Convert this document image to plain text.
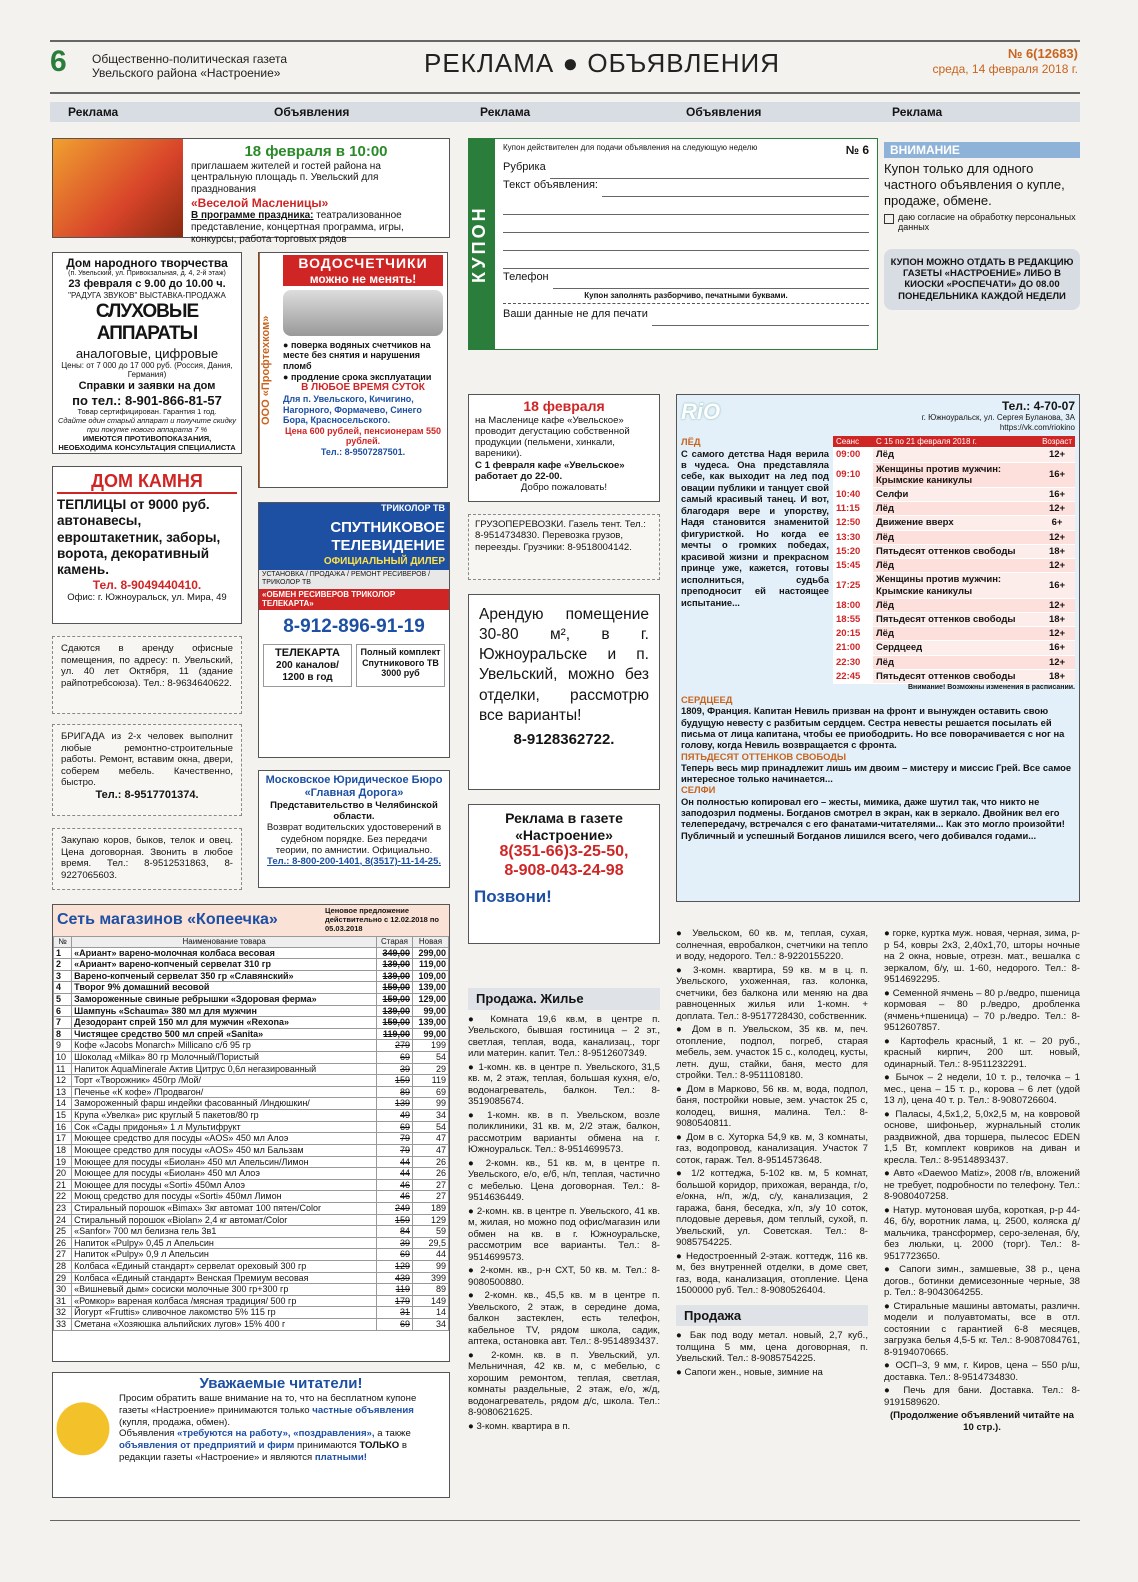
6 Общественно-политическая газета
Увельского района «Настроение»	РЕКЛАМА ● ОБЪЯВЛЕНИЯ	№ 6(12683)
среда, 14 февраля 2018 г.
Реклама	Объявления	Реклама	Объявления	Реклама
18 февраля в 10:00
приглашаем жителей и гостей района на центральную площадь п. Увельский для празднования
«Веселой Масленицы»
В программе праздника: театрализованное представление, концертная программа, игры, конкурсы, работа торговых рядов
Дом народного творчества
(п. Увельский, ул. Привокзальная, д. 4, 2-й этаж)
23 февраля с 9.00 до 10.00 ч.
"РАДУГА ЗВУКОВ" ВЫСТАВКА-ПРОДАЖА
СЛУХОВЫЕ АППАРАТЫ
аналоговые, цифровые
Цены: от 7 000 до 17 000 руб. (Россия, Дания, Германия)
Справки и заявки на дом
по тел.: 8-901-866-81-57
Товар сертифицирован. Гарантия 1 год.
Сдайте один старый аппарат и получите скидку при покупке нового аппарата 7 %
ИМЕЮТСЯ ПРОТИВОПОКАЗАНИЯ, НЕОБХОДИМА КОНСУЛЬТАЦИЯ СПЕЦИАЛИСТА
ООО «Профтехком»
ВОДОСЧЕТЧИКИ
можно не менять!
● поверка водяных счетчиков на месте без снятия и нарушения пломб
● продление срока эксплуатации
В ЛЮБОЕ ВРЕМЯ СУТОК
Для п. Увельского, Кичигино, Нагорного, Формачево, Синего Бора, Красносельского.
Цена 600 рублей, пенсионерам 550 рублей.
Тел.: 8-9507287501.
ДОМ КАМНЯ
ТЕПЛИЦЫ от 9000 руб. автонавесы, евроштакетник, заборы, ворота, декоративный камень.
Тел. 8-9049440410.
Офис: г. Южноуральск, ул. Мира, 49
Сдаются в аренду офисные помещения, по адресу: п. Увельский, ул. 40 лет Октября, 11 (здание райпотребсоюза). Тел.: 8-9634640622.
БРИГАДА из 2-х человек выполнит любые ремонтно-строительные работы. Ремонт, вставим окна, двери, соберем мебель. Качественно, быстро.
Тел.: 8-9517701374.
Закупаю коров, быков, телок и овец. Цена договорная. Звонить в любое время. Тел.: 8-9512531863, 8-9227065603.
ТРИКОЛОР ТВ
СПУТНИКОВОЕ ТЕЛЕВИДЕНИЕ
ОФИЦИАЛЬНЫЙ ДИЛЕР
УСТАНОВКА / ПРОДАЖА / РЕМОНТ РЕСИВЕРОВ / ТРИКОЛОР ТВ
«ОБМЕН РЕСИВЕРОВ ТРИКОЛОР ТЕЛЕКАРТА»
8-912-896-91-19
ТЕЛЕКАРТА
200 каналов/ 1200 в год
Полный комплект Спутникового ТВ 3000 руб
Московское Юридическое Бюро «Главная Дорога»
Представительство в Челябинской области.
Возврат водительских удостоверений в судебном порядке. Без передачи теории, по амнистии. Официально.
Тел.: 8-800-200-1401, 8(3517)-11-14-25.
Сеть магазинов «Копеечка»
Ценовое предложение действительно с 12.02.2018 по 05.03.2018
№	Наименование товара	Старая	Новая
1	«Ариант» варено-молочная колбаса весовая	349,00	299,00
2	«Ариант» варено-копченый сервелат 310 гр	139,00	119,00
3	Варено-копченый сервелат 350 гр «Славянский»	139,00	109,00
4	Творог 9% домашний весовой	159,00	139,00
5	Замороженные свиные ребрышки «Здоровая ферма»	159,00	129,00
6	Шампунь «Schauma» 380 мл для мужчин	139,00	99,00
7	Дезодорант спрей 150 мл для мужчин «Rexona»	159,00	139,00
8	Чистящее средство 500 мл спрей «Sanita»	119,00	99,00
9	Кофе «Jacobs Monarch» Millicano с/б 95 гр	279	199
10	Шоколад «Milka» 80 гр Молочный/Пористый	69	54
11	Напиток AquaMinerale Актив Цитрус 0,6л негазированный	39	29
12	Торт «Творожник» 450гр /Мой/	159	119
13	Печенье «К кофе» /Продвагон/	89	69
14	Замороженный фарш индейки фасованный /Индюшкин/	139	99
15	Крупа «Увелка» рис круглый 5 пакетов/80 гр	49	34
16	Сок «Сады придонья» 1 л Мультифрукт	69	54
17	Моющее средство для посуды «AOS» 450 мл Алоэ	79	47
18	Моющее средство для посуды «AOS» 450 мл Бальзам	79	47
19	Моющее для посуды «Биолан» 450 мл Апельсин/Лимон	44	26
20	Моющее для посуды «Биолан» 450 мл Алоэ	44	26
21	Моющее для посуды «Sorti» 450мл Алоэ	46	27
22	Моющ средство для посуды «Sorti» 450мл Лимон	46	27
23	Стиральный порошок «Bimax» 3кг автомат 100 пятен/Color	249	189
24	Стиральный порошок «Biolan» 2,4 кг автомат/Color	159	129
25	«Sanfor» 700 мл белизна гель 3в1	84	59
26	Напиток «Pulpy» 0,45 л Апельсин	39	29,5
27	Напиток «Pulpy» 0,9 л Апельсин	69	44
28	Колбаса «Единый стандарт» сервелат ореховый 300 гр	129	99
29	Колбаса «Единый стандарт» Венская Премиум весовая	439	399
30	«Вишневый дым» сосиски молочные 300 гр+300 гр	119	89
31	«Ромкор» вареная колбаса /мясная традиция/ 500 гр	179	149
32	Йогурт «Fruttis» сливочное лакомство 5% 115 гр	31	14
33	Сметана «Хозяюшка альпийских лугов» 15% 400 г	69	34
Уважаемые читатели!
Просим обратить ваше внимание на то, что на бесплатном купоне газеты «Настроение» принимаются только частные объявления (купля, продажа, обмен).
Объявления «требуются на работу», «поздравления», а также объявления от предприятий и фирм принимаются ТОЛЬКО в редакции газеты «Настроение» и являются платными!
КУПОН
Купон действителен для подачи объявления на следующую неделю	№ 6
Рубрика
Текст объявления:
Телефон
Купон заполнять разборчиво, печатными буквами.
Ваши данные не для печати
ВНИМАНИЕ
Купон только для одного частного объявления о купле, продаже, обмене.
даю согласие на обработку персональных данных
КУПОН МОЖНО ОТДАТЬ В РЕДАКЦИЮ ГАЗЕТЫ «НАСТРОЕНИЕ» ЛИБО В КИОСКИ «РОСПЕЧАТИ» ДО 08.00 ПОНЕДЕЛЬНИКА КАЖДОЙ НЕДЕЛИ
18 февраля
на Масленице кафе «Увельское» проводит дегустацию собственной продукции (пельмени, хинкали, вареники).
С 1 февраля кафе «Увельское» работает до 22-00.
Добро пожаловать!
ГРУЗОПЕРЕВОЗКИ. Газель тент. Тел.: 8-9514734830. Перевозка грузов, переезды. Грузчики: 8-9518004142.
Арендую помещение 30-80 м², в г. Южноуральске и п. Увельский, можно без отделки, рассмотрю все варианты!
8-9128362722.
Реклама в газете «Настроение»
8(351-66)3-25-50,
8-908-043-24-98
Позвони!
RiO	Тел.: 4-70-07
г. Южноуральск, ул. Сергея Буланова, 3А
https://vk.com/riokino
ЛЁД
С самого детства Надя верила в чудеса. Она представляла себе, как выходит на лед под овации публики и танцует свой самый красивый танец. И вот, благодаря вере и упорству, Надя становится знаменитой фигуристкой. Но когда ее мечты о громких победах, красивой жизни и прекрасном принце уже, кажется, готовы исполниться, судьба преподносит ей настоящее испытание...
Сеанс	С 15 по 21 февраля 2018 г.	Возраст
09:00	Лёд	12+
09:10	Женщины против мужчин: Крымские каникулы	16+
10:40	Селфи	16+
11:15	Лёд	12+
12:50	Движение вверх	6+
13:30	Лёд	12+
15:20	Пятьдесят оттенков свободы	18+
15:45	Лёд	12+
17:25	Женщины против мужчин: Крымские каникулы	16+
18:00	Лёд	12+
18:55	Пятьдесят оттенков свободы	18+
20:15	Лёд	12+
21:00	Сердцеед	16+
22:30	Лёд	12+
22:45	Пятьдесят оттенков свободы	18+
Внимание! Возможны изменения в расписании.
СЕРДЦЕЕД
1809, Франция. Капитан Невиль призван на фронт и вынужден оставить свою будущую невесту с разбитым сердцем. Сестра невесты решается посылать ей письма от лица капитана, чтобы ее приободрить. Но все поворачивается с ног на голову, когда Невиль возвращается с фронта.
ПЯТЬДЕСЯТ ОТТЕНКОВ СВОБОДЫ
Теперь весь мир принадлежит лишь им двоим – мистеру и миссис Грей. Все самое интересное только начинается...
СЕЛФИ
Он полностью копировал его – жесты, мимика, даже шутил так, что никто не заподозрил подмены. Богданов смотрел в экран, как в зеркало. Двойник вел его телепередачу, встречался с его фанатами-читателями... Как это могло произойти! Публичный и успешный Богданов лишился всего, чего добивался годами...
Продажа. Жилье

● Комната 19,6 кв.м, в центре п. Увельского, бывшая гостиница – 2 эт., светлая, теплая, вода, канализац., торг или материн. капит. Тел.: 8-9512607349.

● 1-комн. кв. в центре п. Увельского, 31,5 кв. м, 2 этаж, теплая, большая кухня, е/о, водонагреватель, балкон. Тел.: 8-3519085674.

● 1-комн. кв. в п. Увельском, возле поликлиники, 31 кв. м, 2/2 этаж, балкон, рассмотрим варианты обмена на г. Южноуральск. Тел.: 8-9514699573.

● 2-комн. кв., 51 кв. м, в центре п. Увельского, е/о, е/б, н/п, теплая, частично с мебелью. Цена договорная. Тел.: 8-9514636449.

● 2-комн. кв. в центре п. Увельского, 41 кв. м, жилая, но можно под офис/магазин или обмен на кв. в г. Южноуральске, рассмотрим все варианты. Тел.: 8-9514699573.

● 2-комн. кв., р-н СХТ, 50 кв. м. Тел.: 8-9080500880.

● 2-комн. кв., 45,5 кв. м в центре п. Увельского, 2 этаж, в середине дома, балкон застеклен, есть телефон, кабельное TV, рядом школа, садик, аптека, остановка авт. Тел.: 8-9514893437.

● 2-комн. кв. в п. Увельский, ул. Мельничная, 42 кв. м, с мебелью, с хорошим ремонтом, теплая, светлая, комнаты раздельные, 2 этаж, е/о, ж/д, водонагреватель, рядом д/с, школа. Тел.: 8-9080621625.

● 3-комн. квартира в п.

● Увельском, 60 кв. м, теплая, сухая, солнечная, евробалкон, счетчики на тепло и воду, недорого. Тел.: 8-9220155220.

● 3-комн. квартира, 59 кв. м в ц. п. Увельского, ухоженная, газ. колонка, счетчики, без балкона или меняю на два равноценных жилья или 1-комн. + доплата. Тел.: 8-9517728430, собственник.

● Дом в п. Увельском, 35 кв. м, печ. отопление, подпол, погреб, старая мебель, зем. участок 15 с., колодец, кусты, летн. душ, стайки, баня, место для стройки. Тел.: 8-9511108180.

● Дом в Марково, 56 кв. м, вода, подпол, баня, постройки новые, зем. участок 25 с, колодец, вишня, малина. Тел.: 8-9080540811.

● Дом в с. Хуторка 54,9 кв. м, 3 комнаты, газ, водопровод, канализация. Участок 7 соток, гараж. Тел. 8-9514573648.

● 1/2 коттеджа, 5-102 кв. м, 5 комнат, большой коридор, прихожая, веранда, г/о, е/окна, н/п, ж/д, с/у, канализация, 2 гаража, баня, беседка, х/п, з/у 10 соток, плодовые деревья, дом теплый, сухой, п. Увельский, ул. Советская. Тел.: 8-9085754225.

● Недостроенный 2-этаж. коттедж, 116 кв. м, без внутренней отделки, в доме свет, газ, вода, канализация, отопление. Цена 1500000 руб. Тел.: 8-9080526404.

Продажа

● Бак под воду метал. новый, 2,7 куб., толщина 5 мм, цена договорная, п. Увельский. Тел.: 8-9085754225.

● Сапоги жен., новые, зимние на

● горке, куртка муж. новая, черная, зима, р-р 54, ковры 2х3, 2,40х1,70, шторы ночные на 2 окна, новые, отрезн. мат., вешалка с зеркалом, б/у, ш. 1-60, недорого. Тел.: 8-9514692295.

● Семенной ячмень – 80 р./ведро, пшеница кормовая – 80 р./ведро, дробленка (ячмень+пшеница) – 70 р./ведро. Тел.: 8-9512607857.

● Картофель красный, 1 кг. – 20 руб., красный кирпич, 200 шт. новый, одинарный. Тел.: 8-9511232291.

● Бычок – 2 недели, 10 т. р., телочка – 1 мес., цена – 15 т. р., корова – 6 лет (удой 13 л), цена 40 т. р. Тел.: 8-9080726604.

● Паласы, 4,5х1,2, 5,0х2,5 м, на ковровой основе, шифоньер, журнальный столик раздвижной, два торшера, пылесос EDEN 1,5 Вт, комплект ковриков на диван и кресла. Тел.: 8-9514893437.

● Авто «Daewoo Matiz», 2008 г/в, вложений не требует, подробности по телефону. Тел.: 8-9080407258.

● Натур. мутоновая шуба, короткая, р-р 44-46, б/у, воротник лама, ц. 2500, коляска д/мальчика, трансформер, серо-зеленая, б/у, без люльки, ц. 2000 (торг). Тел.: 8-9517723650.

● Сапоги зимн., замшевые, 38 р., цена догов., ботинки демисезонные черные, 38 р. Тел.: 8-9043064255.

● Стиральные машины автоматы, различн. модели и полуавтоматы, все в отл. состоянии с гарантией 6-8 месяцев, загрузка белья 4,5-5 кг. Тел.: 8-9087084761, 8-9194070665.

● ОСП–3, 9 мм, г. Киров, цена – 550 р/ш, доставка. Тел.: 8-9514734830.

● Печь для бани. Доставка. Тел.: 8-9191589620.

(Продолжение объявлений читайте на 10 стр.).
